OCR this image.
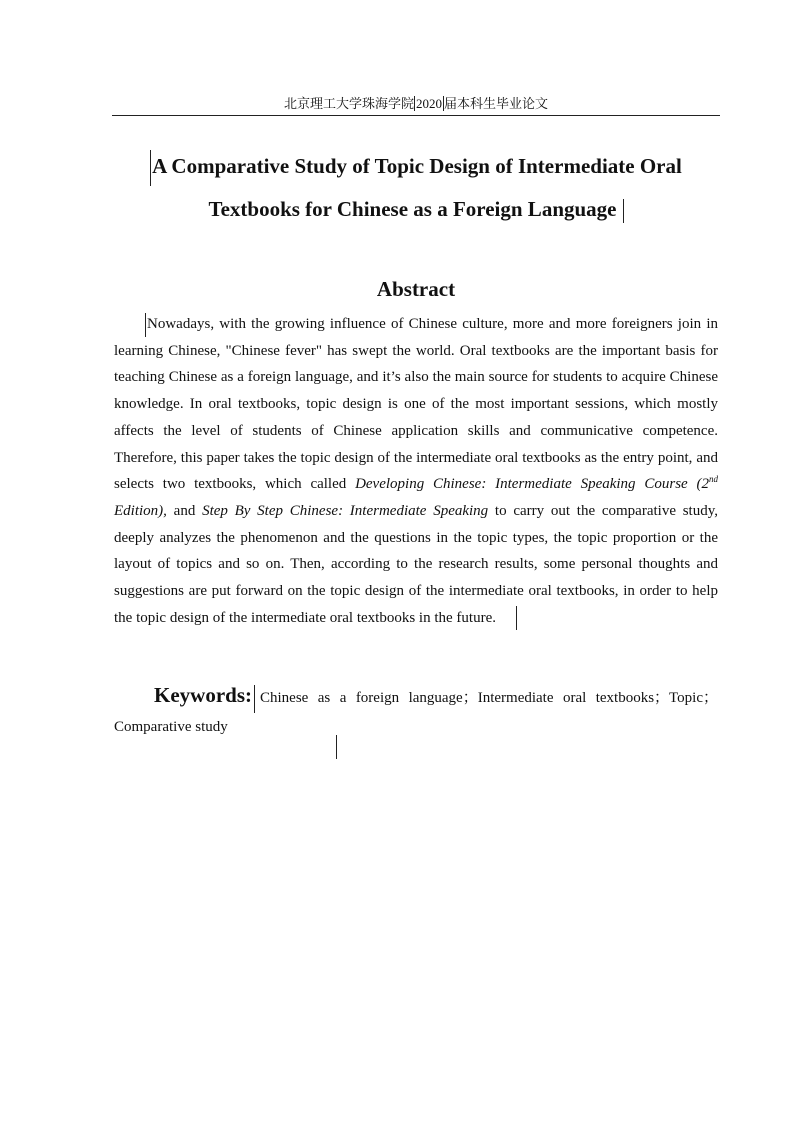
北京理工大学珠海学院 2020 届本科生毕业论文
A Comparative Study of Topic Design of Intermediate Oral
Textbooks for Chinese as a Foreign Language
Abstract

Nowadays, with the growing influence of Chinese culture, more and more foreigners join in learning Chinese, "Chinese fever" has swept the world. Oral textbooks are the important basis for teaching Chinese as a foreign language, and it’s also the main source for students to acquire Chinese knowledge. In oral textbooks, topic design is one of the most important sessions, which mostly affects the level of students of Chinese application skills and communicative competence. Therefore, this paper takes the topic design of the intermediate oral textbooks as the entry point, and selects two textbooks, which called Developing Chinese: Intermediate Speaking Course (2nd Edition), and Step By Step Chinese: Intermediate Speaking to carry out the comparative study, deeply analyzes the phenomenon and the questions in the topic types, the topic proportion or the layout of topics and so on. Then, according to the research results, some personal thoughts and suggestions are put forward on the topic design of the intermediate oral textbooks, in order to help the topic design of the intermediate oral textbooks in the future.

Keywords: Chinese as a foreign language；Intermediate oral textbooks；Topic；Comparative study
